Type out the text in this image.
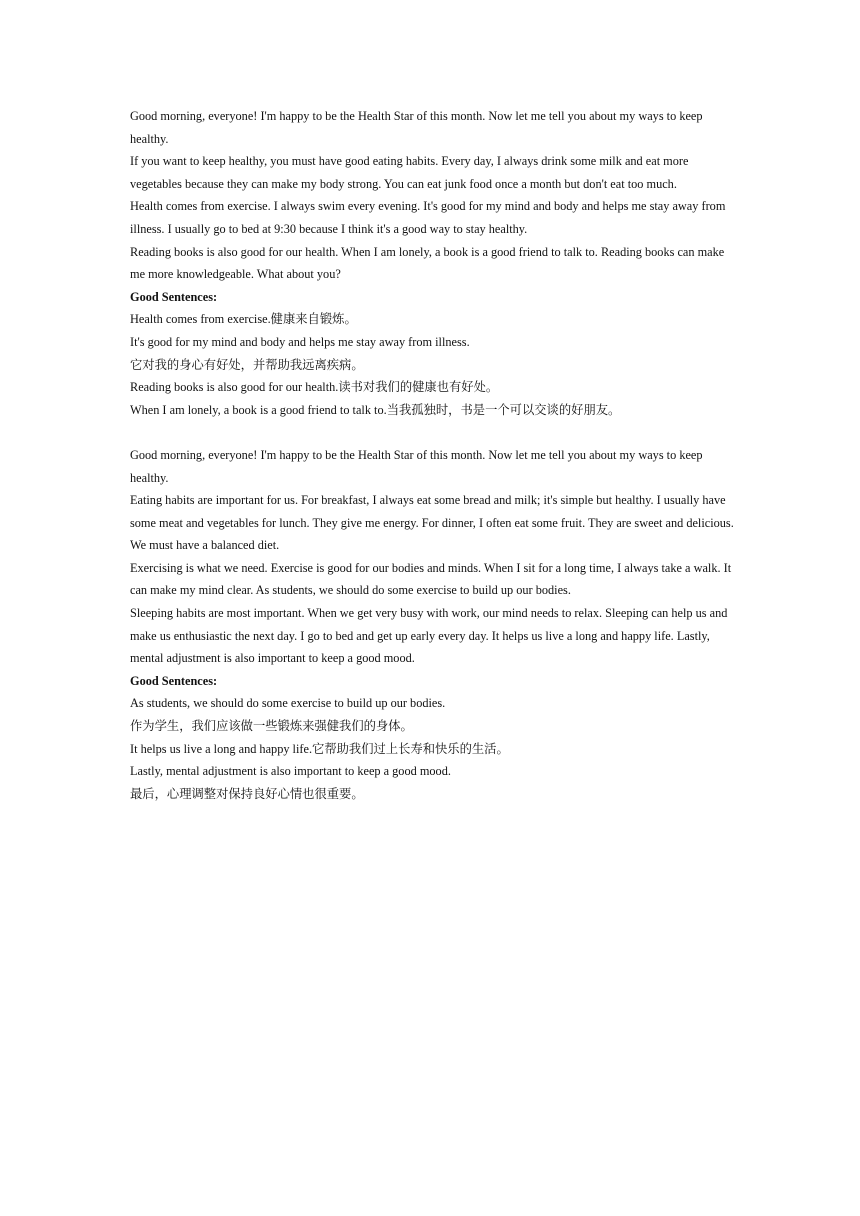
Good morning, everyone! I'm happy to be the Health Star of this month. Now let me tell you about my ways to keep healthy.

If you want to keep healthy, you must have good eating habits. Every day, I always drink some milk and eat more vegetables because they can make my body strong. You can eat junk food once a month but don't eat too much.

Health comes from exercise. I always swim every evening. It's good for my mind and body and helps me stay away from illness. I usually go to bed at 9:30 because I think it's a good way to stay healthy.

Reading books is also good for our health. When I am lonely, a book is a good friend to talk to. Reading books can make me more knowledgeable. What about you?

Good Sentences:

Health comes from exercise.健康来自锻炼。

It's good for my mind and body and helps me stay away from illness.

它对我的身心有好处，并帮助我远离疾病。

Reading books is also good for our health.读书对我们的健康也有好处。

When I am lonely, a book is a good friend to talk to.当我孤独时，书是一个可以交谈的好朋友。

Good morning, everyone! I'm happy to be the Health Star of this month. Now let me tell you about my ways to keep healthy.

Eating habits are important for us. For breakfast, I always eat some bread and milk; it's simple but healthy. I usually have some meat and vegetables for lunch. They give me energy. For dinner, I often eat some fruit. They are sweet and delicious. We must have a balanced diet.

Exercising is what we need. Exercise is good for our bodies and minds. When I sit for a long time, I always take a walk. It can make my mind clear. As students, we should do some exercise to build up our bodies.

Sleeping habits are most important. When we get very busy with work, our mind needs to relax. Sleeping can help us and make us enthusiastic the next day. I go to bed and get up early every day. It helps us live a long and happy life. Lastly, mental adjustment is also important to keep a good mood.

Good Sentences:

As students, we should do some exercise to build up our bodies.

作为学生，我们应该做一些锻炼来强健我们的身体。

It helps us live a long and happy life.它帮助我们过上长寿和快乐的生活。

Lastly, mental adjustment is also important to keep a good mood.

最后，心理调整对保持良好心情也很重要。
